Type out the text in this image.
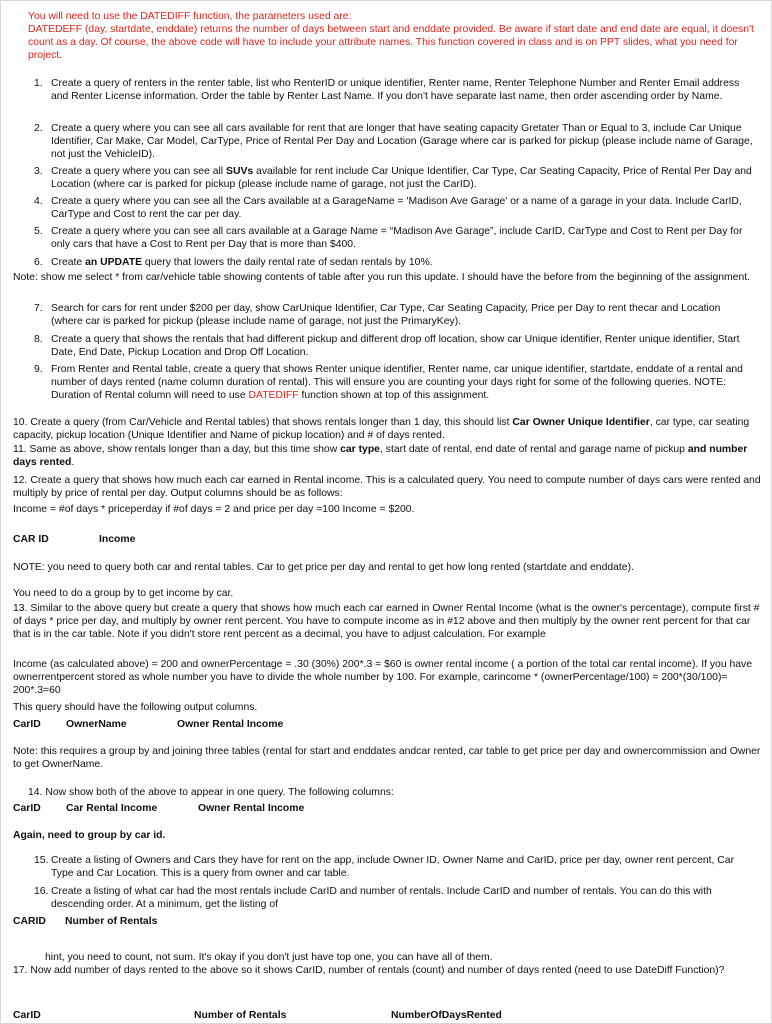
You will need to use the DATEDIFF function, the parameters used are:
DATEDEFF (day, startdate, enddate) returns the number of days between start and enddate provided. Be aware if start date and end date are equal, it doesn't count as a day. Of course, the above code will have to include your attribute names. This function covered in class and is on PPT slides, what you need for project.
1. Create a query of renters in the renter table, list who RenterID or unique identifier, Renter name, Renter Telephone Number and Renter Email address and Renter License information. Order the table by Renter Last Name. If you don't have separate last name, then order ascending order by Name.
2. Create a query where you can see all cars available for rent that are longer that have seating capacity Gretater Than or Equal to 3, include Car Unique Identifier, Car Make, Car Model, CarType, Price of Rental Per Day and Location (Garage where car is parked for pickup (please include name of Garage, not just the VehicleID).
3. Create a query where you can see all SUVs available for rent include Car Unique Identifier, Car Type, Car Seating Capacity, Price of Rental Per Day and Location (where car is parked for pickup (please include name of garage, not just the CarID).
4. Create a query where you can see all the Cars available at a GarageName = 'Madison Ave Garage' or a name of a garage in your data. Include CarID, CarType and Cost to rent the car per day.
5. Create a query where you can see all cars available at a Garage Name = “Madison Ave Garage”, include CarID, CarType and Cost to Rent per Day for only cars that have a Cost to Rent per Day that is more than $400.
6. Create an UPDATE query that lowers the daily rental rate of sedan rentals by 10%.
Note: show me select * from car/vehicle table showing contents of table after you run this update. I should have the before from the beginning of the assignment.
7. Search for cars for rent under $200 per day, show CarUnique Identifier, Car Type, Car Seating Capacity, Price per Day to rent thecar and Location (where car is parked for pickup (please include name of garage, not just the PrimaryKey).
8. Create a query that shows the rentals that had different pickup and different drop off location, show car Unique identifier, Renter unique identifier, Start Date, End Date, Pickup Location and Drop Off Location.
9. From Renter and Rental table, create a query that shows Renter unique identifier, Renter name, car unique identifier, startdate, enddate of a rental and number of days rented (name column duration of rental). This will ensure you are counting your days right for some of the following queries. NOTE: Duration of Rental column will need to use DATEDIFF function shown at top of this assignment.
10. Create a query (from Car/Vehicle and Rental tables) that shows rentals longer than 1 day, this should list Car Owner Unique Identifier, car type, car seating capacity, pickup location (Unique Identifier and Name of pickup location) and # of days rented.
11. Same as above, show rentals longer than a day, but this time show car type, start date of rental, end date of rental and garage name of pickup and number days rented.
12. Create a query that shows how much each car earned in Rental income. This is a calculated query. You need to compute number of days cars were rented and multiply by price of rental per day. Output columns should be as follows:
Income = #of days * priceperday if #of days = 2 and price per day =100 Income = $200.
CAR ID	Income
NOTE: you need to query both car and rental tables. Car to get price per day and rental to get how long rented (startdate and enddate).
You need to do a group by to get income by car.
13. Similar to the above query but create a query that shows how much each car earned in Owner Rental Income (what is the owner's percentage), compute first # of days * price per day, and multiply by owner rent percent. You have to compute income as in #12 above and then multiply by the owner rent percent for that car that is in the car table. Note if you didn't store rent percent as a decimal, you have to adjust calculation. For example
Income (as calculated above) = 200 and ownerPercentage = .30 (30%) 200*.3 = $60 is owner rental income ( a portion of the total car rental income). If you have ownerrentpercent stored as whole number you have to divide the whole number by 100. For example, carincome * (ownerPercentage/100) = 200*(30/100)= 200*.3=60
This query should have the following output columns.
CarID OwnerName	Owner Rental Income
Note: this requires a group by and joining three tables (rental for start and enddates andcar rented, car table to get price per day and ownercommission and Owner to get OwnerName.
14. Now show both of the above to appear in one query. The following columns:
CarID Car Rental Income	Owner Rental Income
Again, need to group by car id.
15. Create a listing of Owners and Cars they have for rent on the app, include Owner ID, Owner Name and CarID, price per day, owner rent percent, Car Type and Car Location. This is a query from owner and car table.
16. Create a listing of what car had the most rentals include CarID and number of rentals. Include CarID and number of rentals. You can do this with descending order. At a minimum, get the listing of
CARID Number of Rentals
hint, you need to count, not sum. It's okay if you don't just have top one, you can have all of them.
17. Now add number of days rented to the above so it shows CarID, number of rentals (count) and number of days rented (need to use DateDiff Function)?
CarID	Number of Rentals	NumberOfDaysRented
